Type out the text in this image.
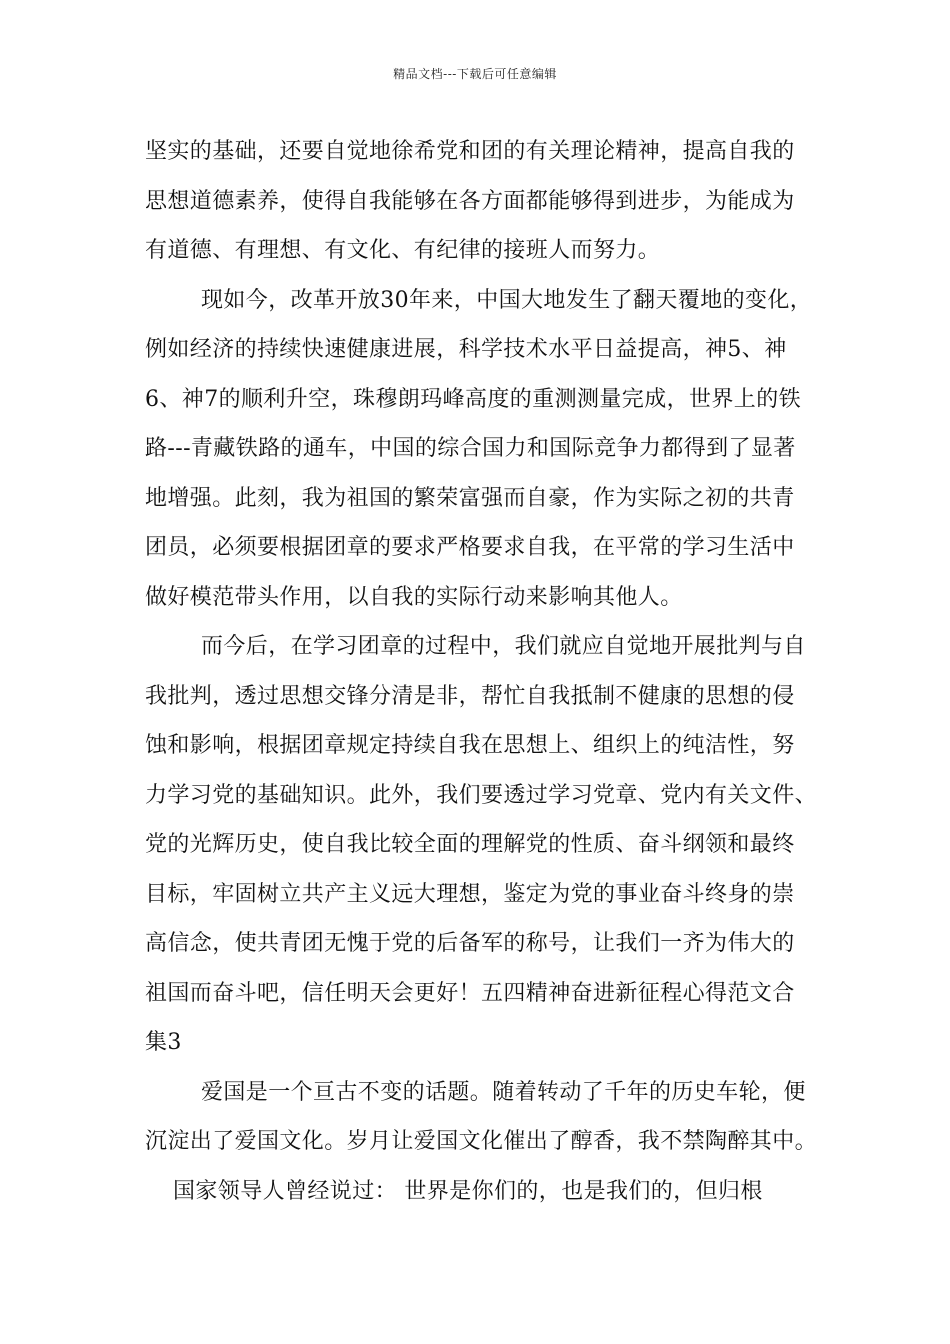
精品文档---下载后可任意编辑
坚实的基础，还要自觉地徐希党和团的有关理论精神，提高自我的
思想道德素养，使得自我能够在各方面都能够得到进步，为能成为
有道德、有理想、有文化、有纪律的接班人而努力。
现如今，改革开放30年来，中国大地发生了翻天覆地的变化，
例如经济的持续快速健康进展，科学技术水平日益提高，神5、神
6、神7的顺利升空，珠穆朗玛峰高度的重测测量完成，世界上的铁
路---青藏铁路的通车，中国的综合国力和国际竞争力都得到了显著
地增强。此刻，我为祖国的繁荣富强而自豪，作为实际之初的共青
团员，必须要根据团章的要求严格要求自我，在平常的学习生活中
做好模范带头作用，以自我的实际行动来影响其他人。
而今后，在学习团章的过程中，我们就应自觉地开展批判与自
我批判，透过思想交锋分清是非，帮忙自我抵制不健康的思想的侵
蚀和影响，根据团章规定持续自我在思想上、组织上的纯洁性，努
力学习党的基础知识。此外，我们要透过学习党章、党内有关文件、
党的光辉历史，使自我比较全面的理解党的性质、奋斗纲领和最终
目标，牢固树立共产主义远大理想，鉴定为党的事业奋斗终身的崇
高信念，使共青团无愧于党的后备军的称号，让我们一齐为伟大的
祖国而奋斗吧，信任明天会更好！五四精神奋进新征程心得范文合
集3
爱国是一个亘古不变的话题。随着转动了千年的历史车轮，便
沉淀出了爱国文化。岁月让爱国文化催出了醇香，我不禁陶醉其中。
国家领导人曾经说过： 世界是你们的，也是我们的，但归根
